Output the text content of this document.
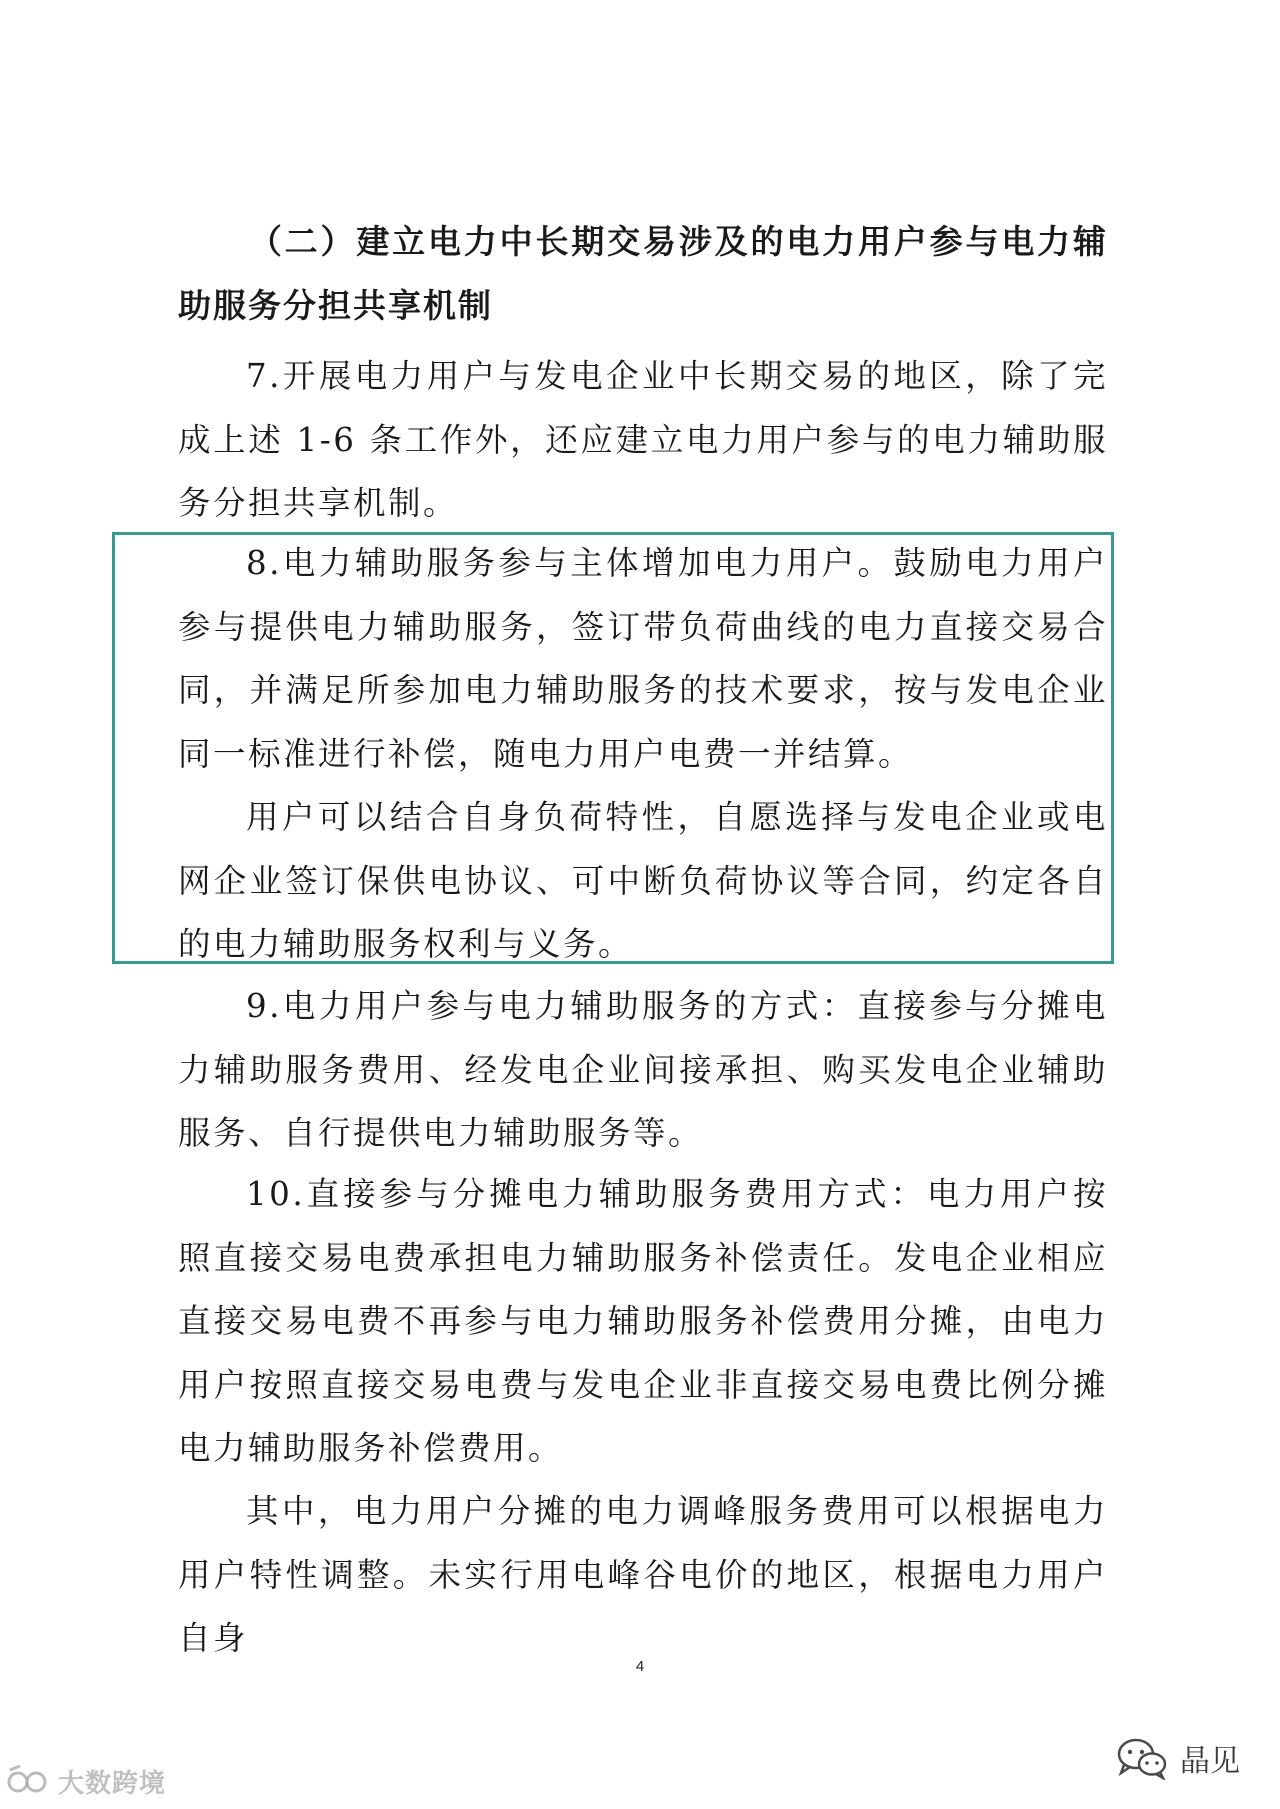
（二）建立电力中长期交易涉及的电力用户参与电力辅助服务分担共享机制

7.开展电力用户与发电企业中长期交易的地区，除了完成上述 1-6 条工作外，还应建立电力用户参与的电力辅助服务分担共享机制。

8.电力辅助服务参与主体增加电力用户。鼓励电力用户参与提供电力辅助服务，签订带负荷曲线的电力直接交易合同，并满足所参加电力辅助服务的技术要求，按与发电企业同一标准进行补偿，随电力用户电费一并结算。

用户可以结合自身负荷特性，自愿选择与发电企业或电网企业签订保供电协议、可中断负荷协议等合同，约定各自的电力辅助服务权利与义务。

9.电力用户参与电力辅助服务的方式：直接参与分摊电力辅助服务费用、经发电企业间接承担、购买发电企业辅助服务、自行提供电力辅助服务等。

10.直接参与分摊电力辅助服务费用方式：电力用户按照直接交易电费承担电力辅助服务补偿责任。发电企业相应直接交易电费不再参与电力辅助服务补偿费用分摊，由电力用户按照直接交易电费与发电企业非直接交易电费比例分摊电力辅助服务补偿费用。

其中，电力用户分摊的电力调峰服务费用可以根据电力用户特性调整。未实行用电峰谷电价的地区，根据电力用户自身

4
大数跨境
晶见
